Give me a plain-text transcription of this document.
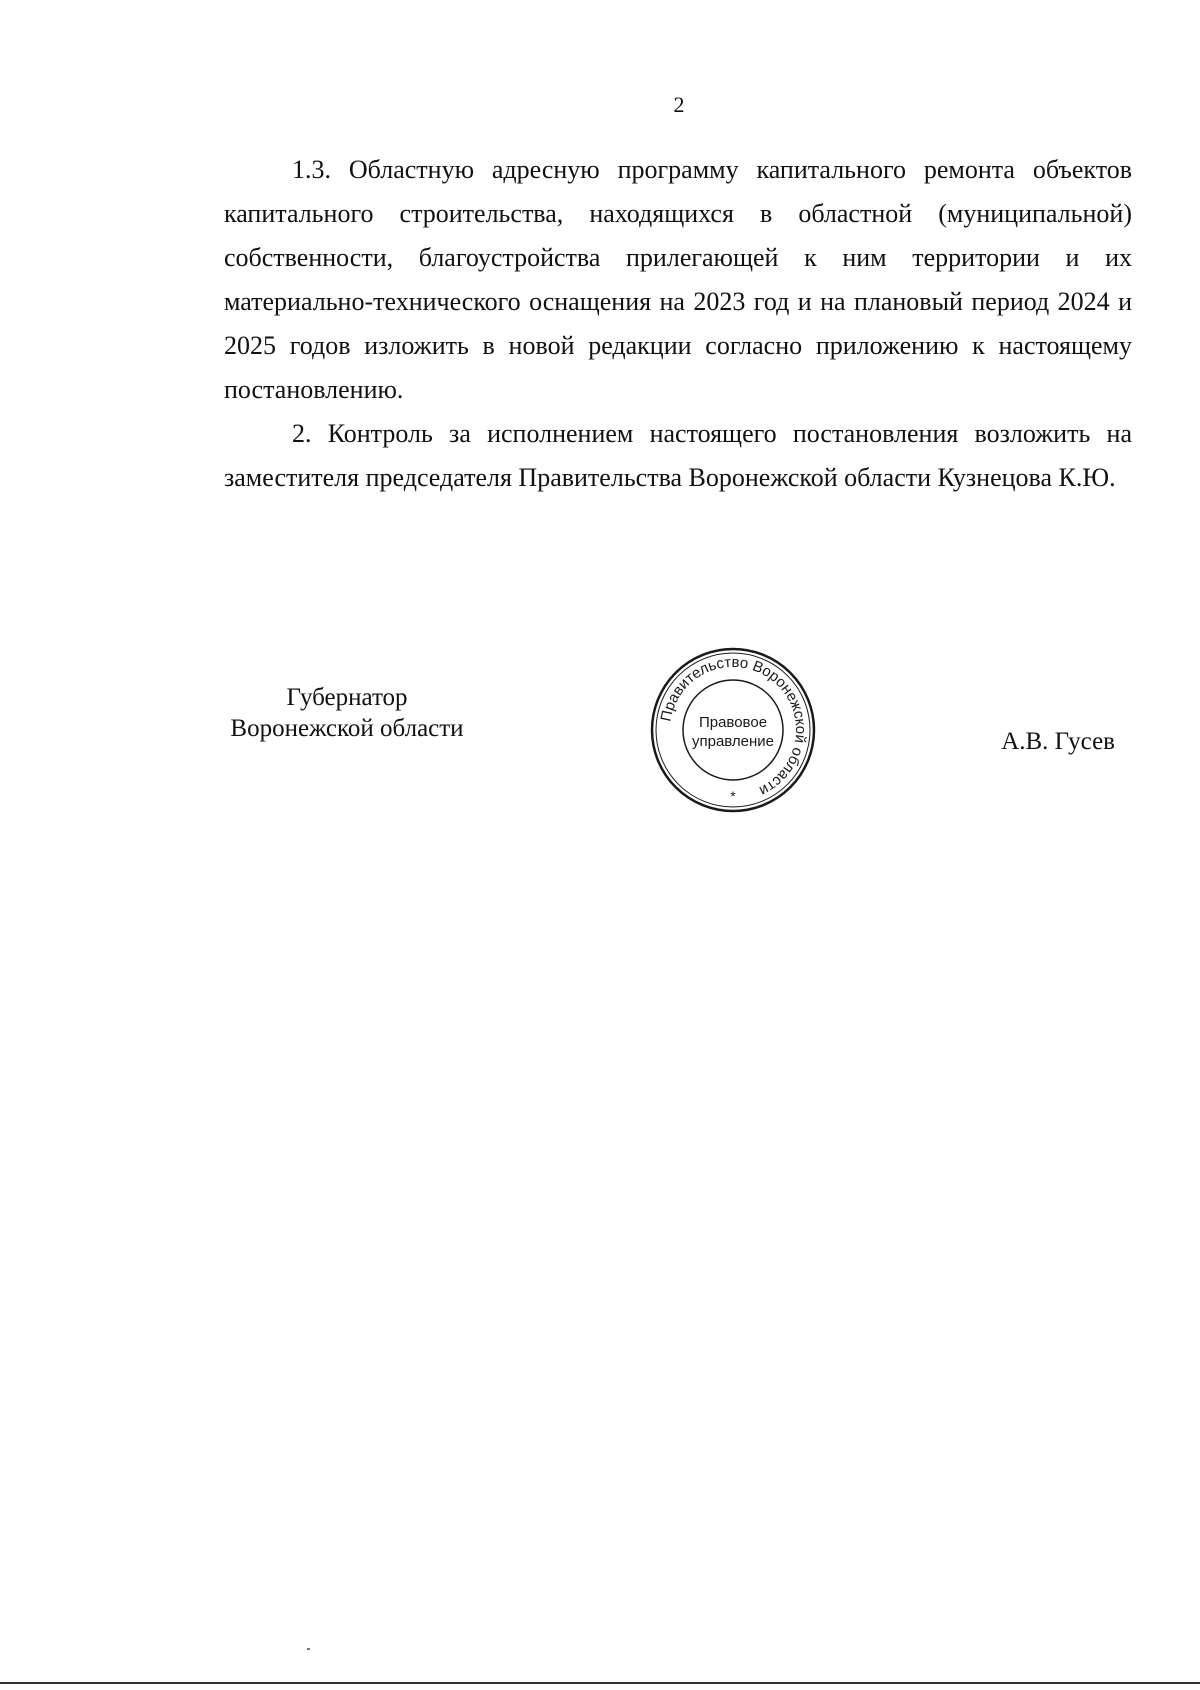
2

1.3. Областную адресную программу капитального ремонта объектов капитального строительства, находящихся в областной (муниципальной) собственности, благоустройства прилегающей к ним территории и их материально-технического оснащения на 2023 год и на плановый период 2024 и 2025 годов изложить в новой редакции согласно приложению к настоящему постановлению.

2. Контроль за исполнением настоящего постановления возложить на заместителя председателя Правительства Воронежской области Кузнецова К.Ю.

Губернатор
Воронежской области	Правительство Воронежской области
Правовое
управление
*
А.В. Гусев
